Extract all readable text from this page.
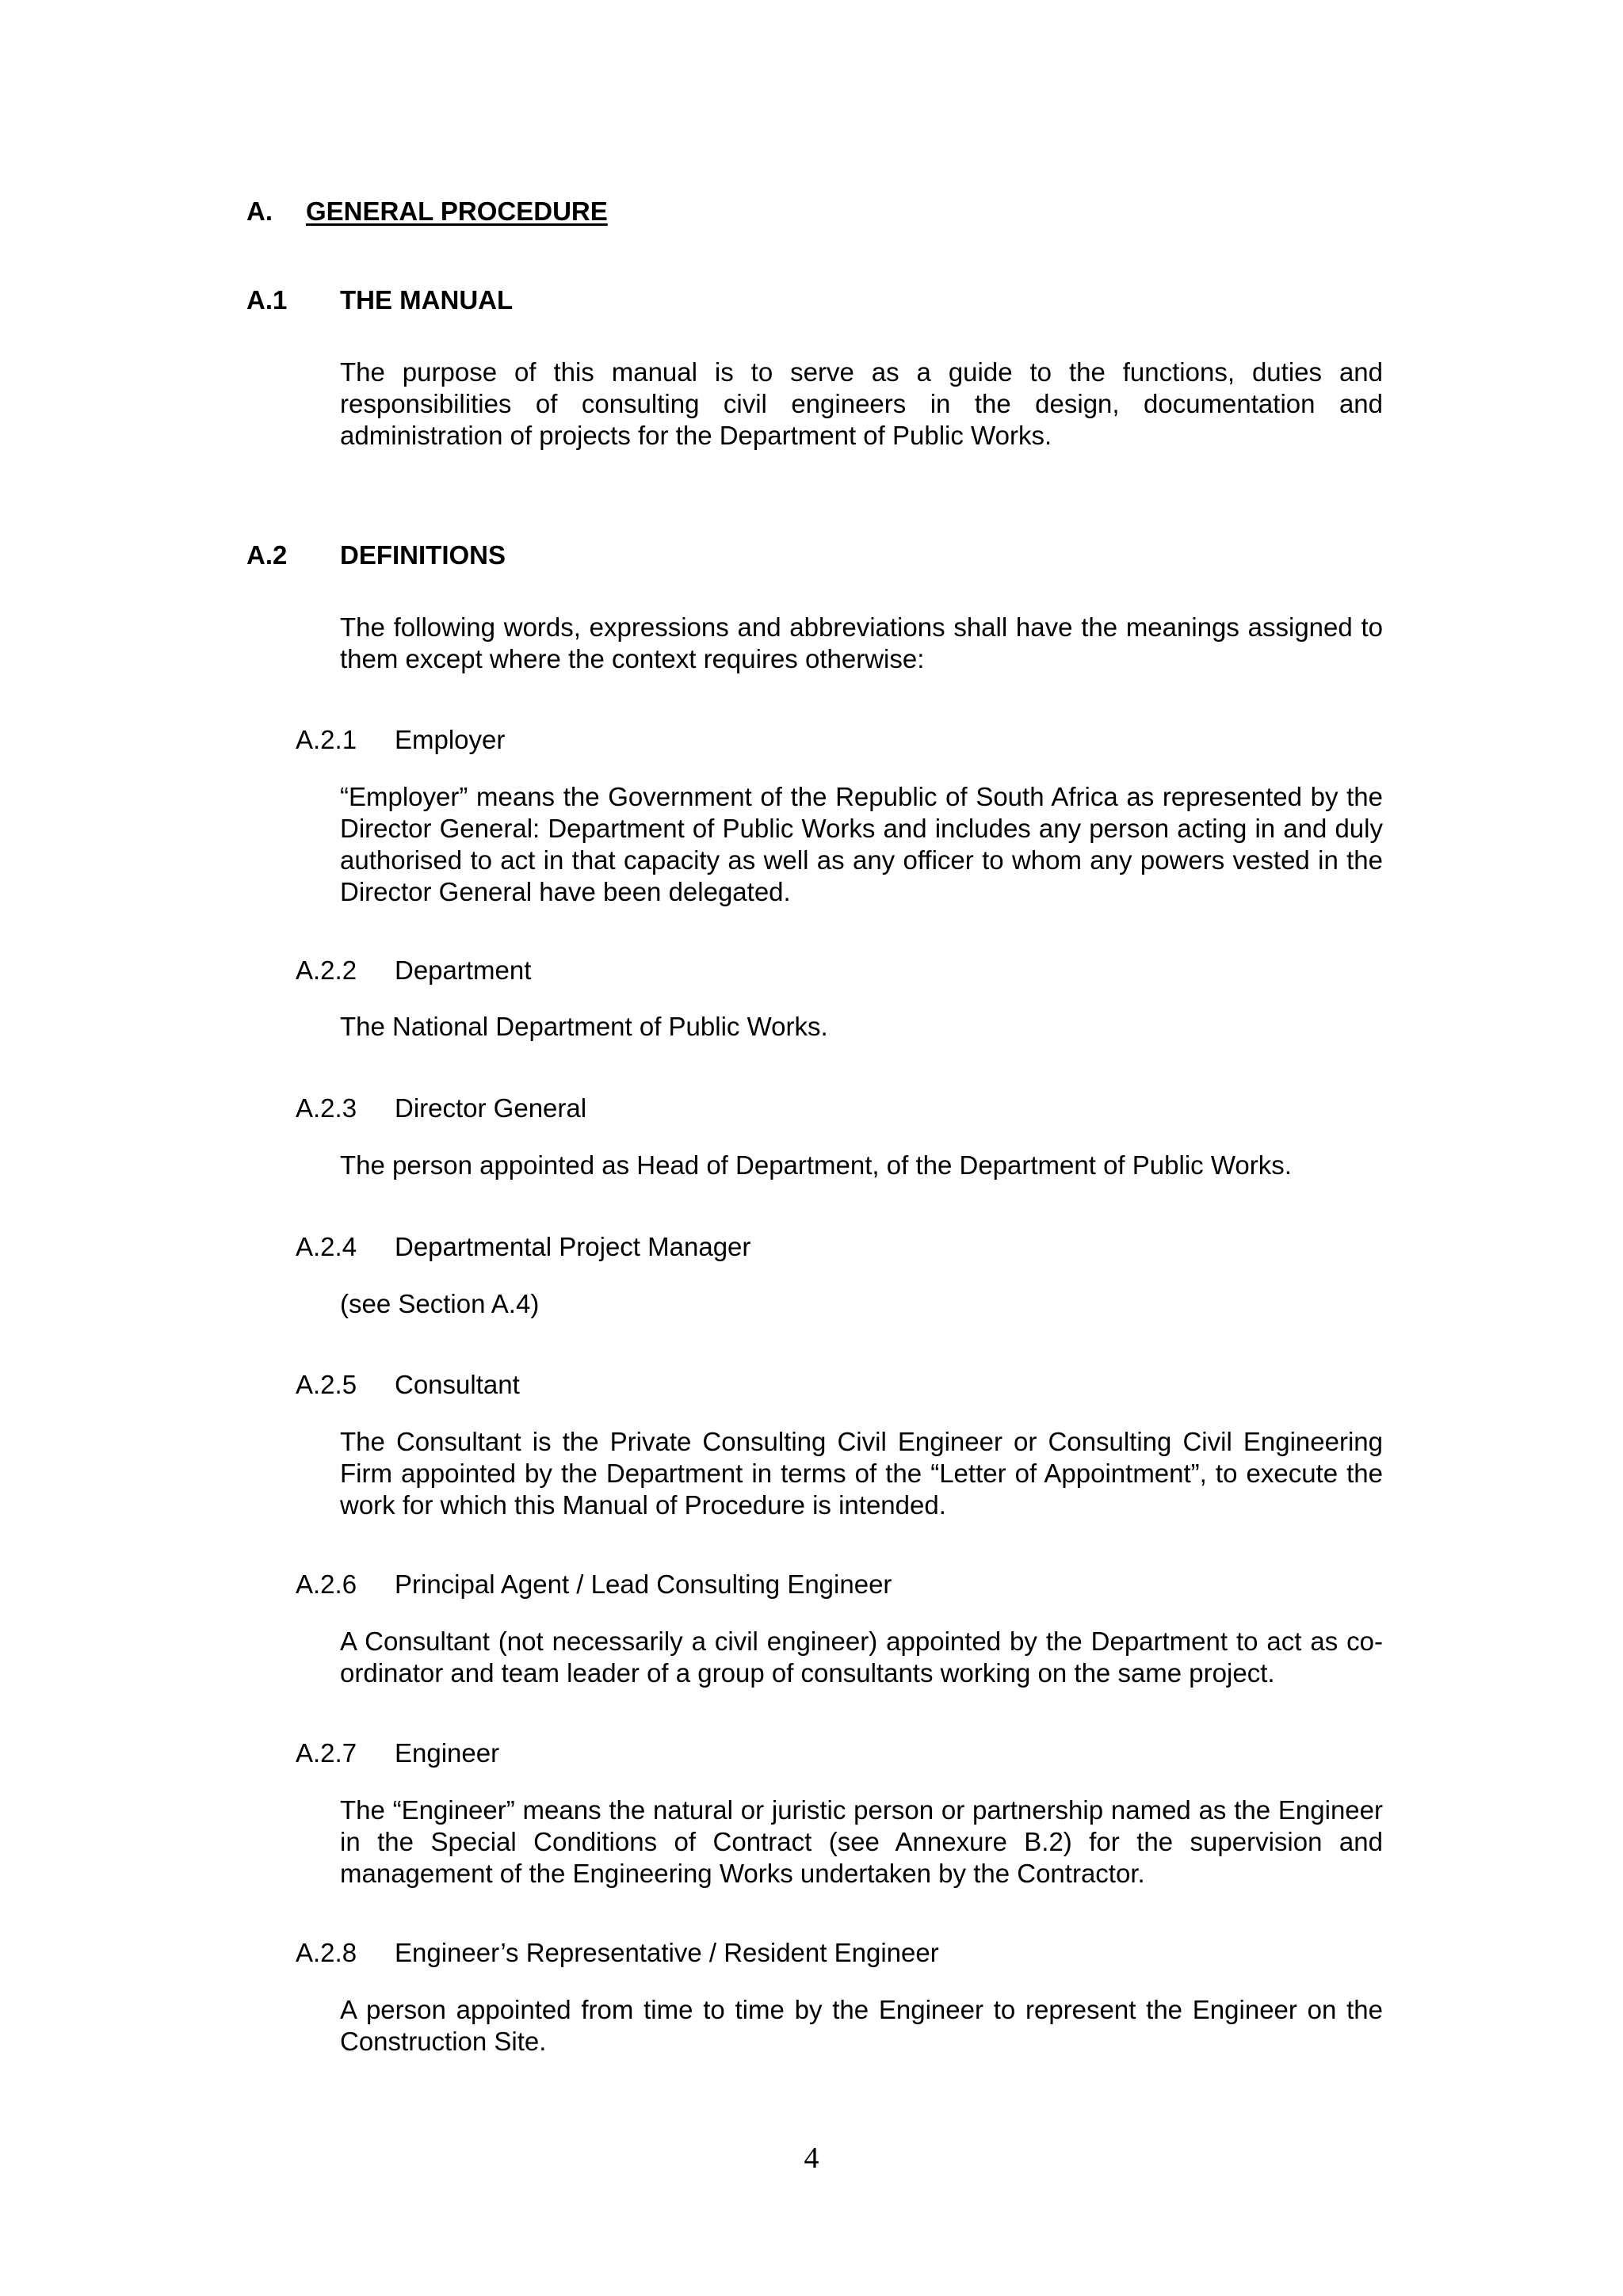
A. GENERAL PROCEDURE
A.1 THE MANUAL
The purpose of this manual is to serve as a guide to the functions, duties and responsibilities of consulting civil engineers in the design, documentation and administration of projects for the Department of Public Works.
A.2 DEFINITIONS
The following words, expressions and abbreviations shall have the meanings assigned to them except where the context requires otherwise:
A.2.1 Employer
“Employer” means the Government of the Republic of South Africa as represented by the Director General: Department of Public Works and includes any person acting in and duly authorised to act in that capacity as well as any officer to whom any powers vested in the Director General have been delegated.
A.2.2 Department
The National Department of Public Works.
A.2.3 Director General
The person appointed as Head of Department, of the Department of Public Works.
A.2.4 Departmental Project Manager
(see Section A.4)
A.2.5 Consultant
The Consultant is the Private Consulting Civil Engineer or Consulting Civil Engineering Firm appointed by the Department in terms of the “Letter of Appointment”, to execute the work for which this Manual of Procedure is intended.
A.2.6 Principal Agent / Lead Consulting Engineer
A Consultant (not necessarily a civil engineer) appointed by the Department to act as co-ordinator and team leader of a group of consultants working on the same project.
A.2.7 Engineer
The “Engineer” means the natural or juristic person or partnership named as the Engineer in the Special Conditions of Contract (see Annexure B.2) for the supervision and management of the Engineering Works undertaken by the Contractor.
A.2.8 Engineer’s Representative / Resident Engineer
A person appointed from time to time by the Engineer to represent the Engineer on the Construction Site.
4
